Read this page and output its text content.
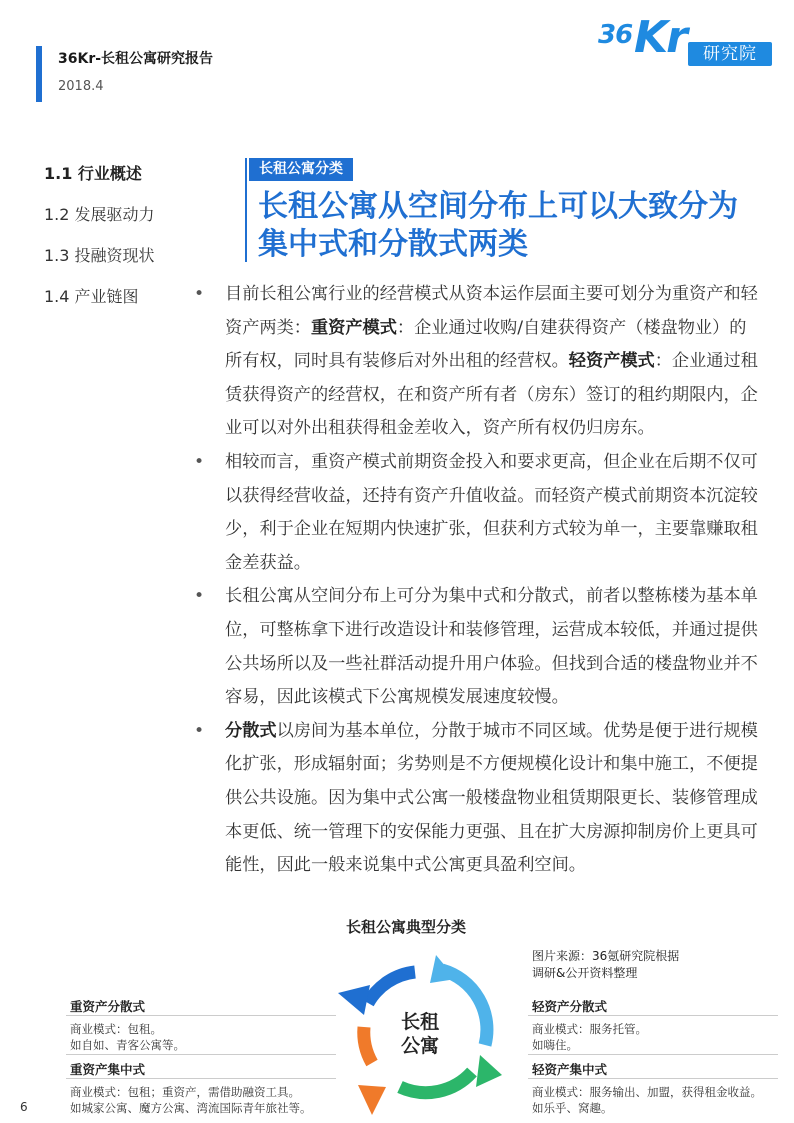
36Kr-长租公寓研究报告
2018.4
36 Kr	研究院
1.1 行业概述
1.2 发展驱动力
1.3 投融资现状
1.4 产业链图
长租公寓分类
长租公寓从空间分布上可以大致分为集中式和分散式两类
• 目前长租公寓行业的经营模式从资本运作层面主要可划分为重资产和轻资产两类：重资产模式：企业通过收购/自建获得资产（楼盘物业）的所有权，同时具有装修后对外出租的经营权。轻资产模式：企业通过租赁获得资产的经营权，在和资产所有者（房东）签订的租约期限内，企业可以对外出租获得租金差收入，资产所有权仍归房东。
• 相较而言，重资产模式前期资金投入和要求更高，但企业在后期不仅可以获得经营收益，还持有资产升值收益。而轻资产模式前期资本沉淀较少，利于企业在短期内快速扩张，但获利方式较为单一，主要靠赚取租金差获益。
• 长租公寓从空间分布上可分为集中式和分散式，前者以整栋楼为基本单位，可整栋拿下进行改造设计和装修管理，运营成本较低，并通过提供公共场所以及一些社群活动提升用户体验。但找到合适的楼盘物业并不容易，因此该模式下公寓规模发展速度较慢。
• 分散式以房间为基本单位，分散于城市不同区域。优势是便于进行规模化扩张，形成辐射面；劣势则是不方便规模化设计和集中施工，不便提供公共设施。因为集中式公寓一般楼盘物业租赁期限更长、装修管理成本更低、统一管理下的安保能力更强、且在扩大房源抑制房价上更具可能性，因此一般来说集中式公寓更具盈利空间。
长租公寓典型分类
长租
公寓
图片来源：36氪研究院根据
调研&公开资料整理
重资产分散式
商业模式：包租。
如自如、青客公寓等。
重资产集中式
商业模式：包租；重资产，需借助融资工具。
如城家公寓、魔方公寓、湾流国际青年旅社等。
轻资产分散式
商业模式：服务托管。
如嗨住。
轻资产集中式
商业模式：服务输出、加盟，获得租金收益。
如乐乎、窝趣。
6
